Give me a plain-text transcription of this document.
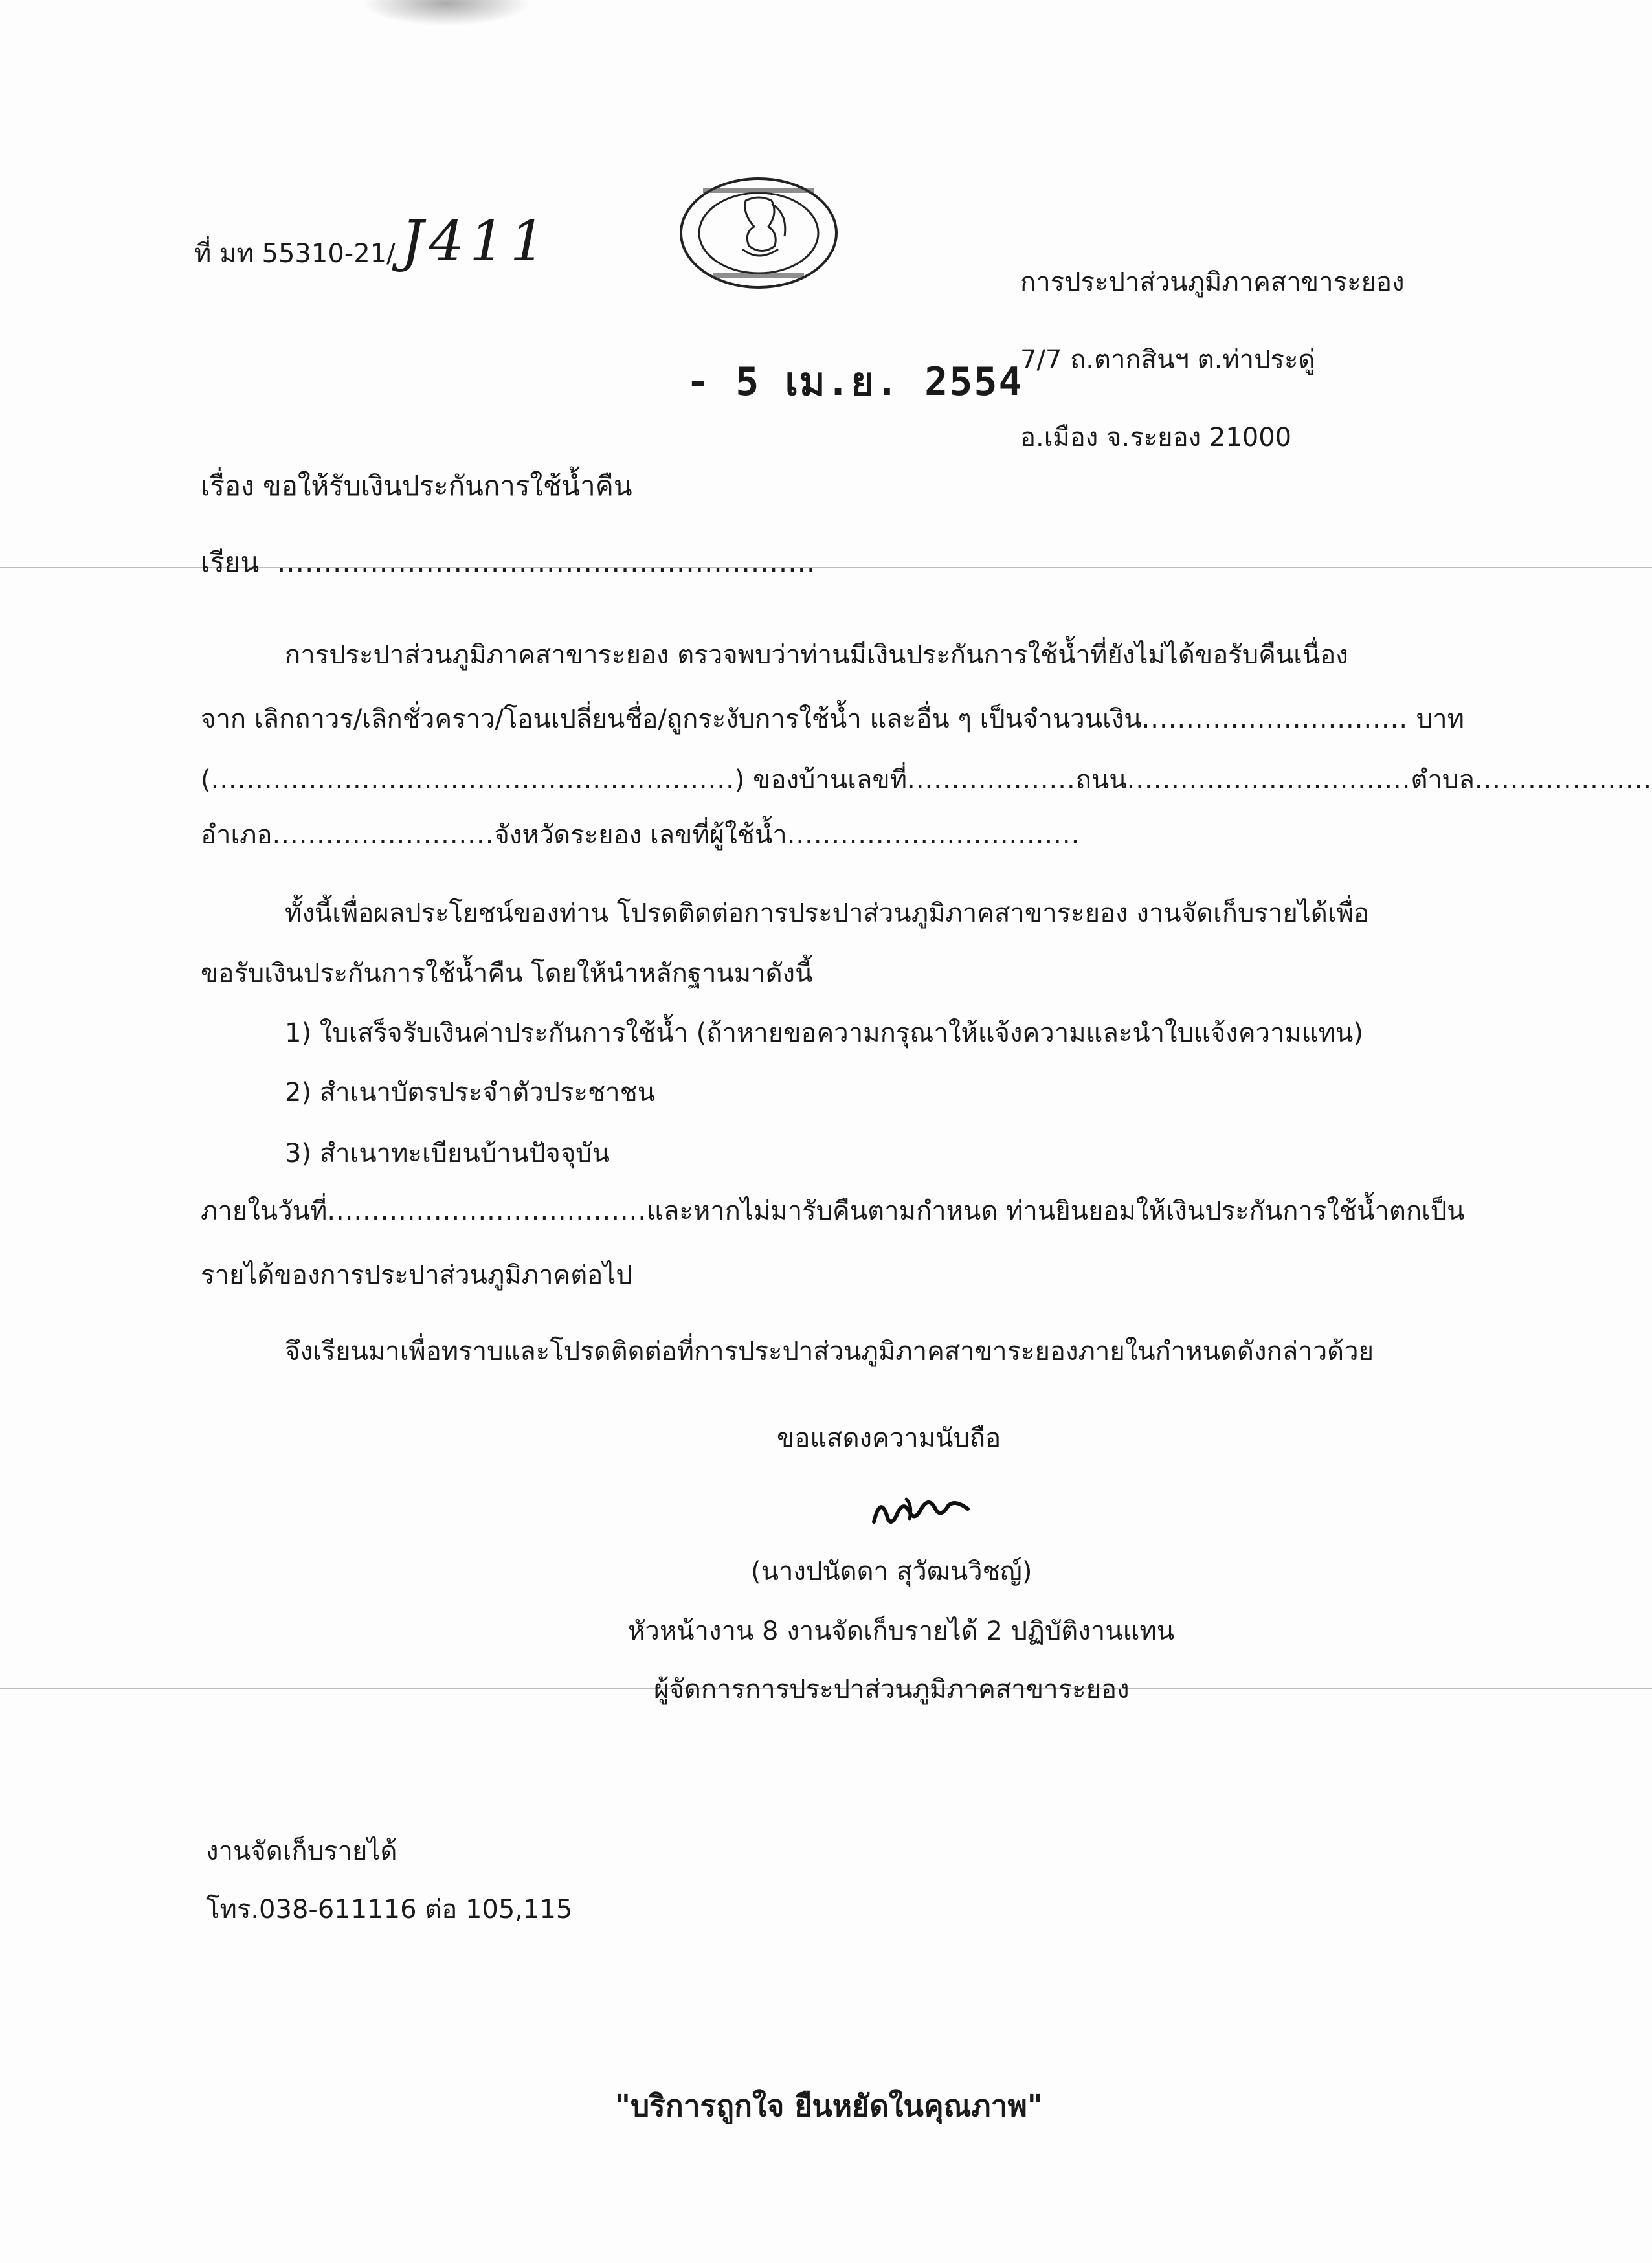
ที่ มท 55310-21/ J411
การประปาส่วนภูมิภาคสาขาระยอง
7/7 ถ.ตากสินฯ ต.ท่าประดู่
อ.เมือง จ.ระยอง 21000
- 5 เม.ย. 2554
เรื่อง ขอให้รับเงินประกันการใช้น้ำคืน
เรียน  ..........................................................
การประปาส่วนภูมิภาคสาขาระยอง ตรวจพบว่าท่านมีเงินประกันการใช้น้ำที่ยังไม่ได้ขอรับคืนเนื่อง
จาก เลิกถาวร/เลิกชั่วคราว/โอนเปลี่ยนชื่อ/ถูกระงับการใช้น้ำ และอื่น ๆ เป็นจำนวนเงิน.............................. บาท
(...........................................................) ของบ้านเลขที่...................ถนน................................ตำบล....................
อำเภอ.........................จังหวัดระยอง เลขที่ผู้ใช้น้ำ.................................
ทั้งนี้เพื่อผลประโยชน์ของท่าน โปรดติดต่อการประปาส่วนภูมิภาคสาขาระยอง งานจัดเก็บรายได้เพื่อ
ขอรับเงินประกันการใช้น้ำคืน โดยให้นำหลักฐานมาดังนี้
1) ใบเสร็จรับเงินค่าประกันการใช้น้ำ (ถ้าหายขอความกรุณาให้แจ้งความและนำใบแจ้งความแทน)
2) สำเนาบัตรประจำตัวประชาชน
3) สำเนาทะเบียนบ้านปัจจุบัน
ภายในวันที่....................................และหากไม่มารับคืนตามกำหนด ท่านยินยอมให้เงินประกันการใช้น้ำตกเป็น
รายได้ของการประปาส่วนภูมิภาคต่อไป
จึงเรียนมาเพื่อทราบและโปรดติดต่อที่การประปาส่วนภูมิภาคสาขาระยองภายในกำหนดดังกล่าวด้วย
ขอแสดงความนับถือ
(นางปนัดดา สุวัฒนวิชญ์)
หัวหน้างาน 8 งานจัดเก็บรายได้ 2 ปฏิบัติงานแทน
ผู้จัดการการประปาส่วนภูมิภาคสาขาระยอง
งานจัดเก็บรายได้
โทร.038-611116 ต่อ 105,115
"บริการถูกใจ ยืนหยัดในคุณภาพ"
